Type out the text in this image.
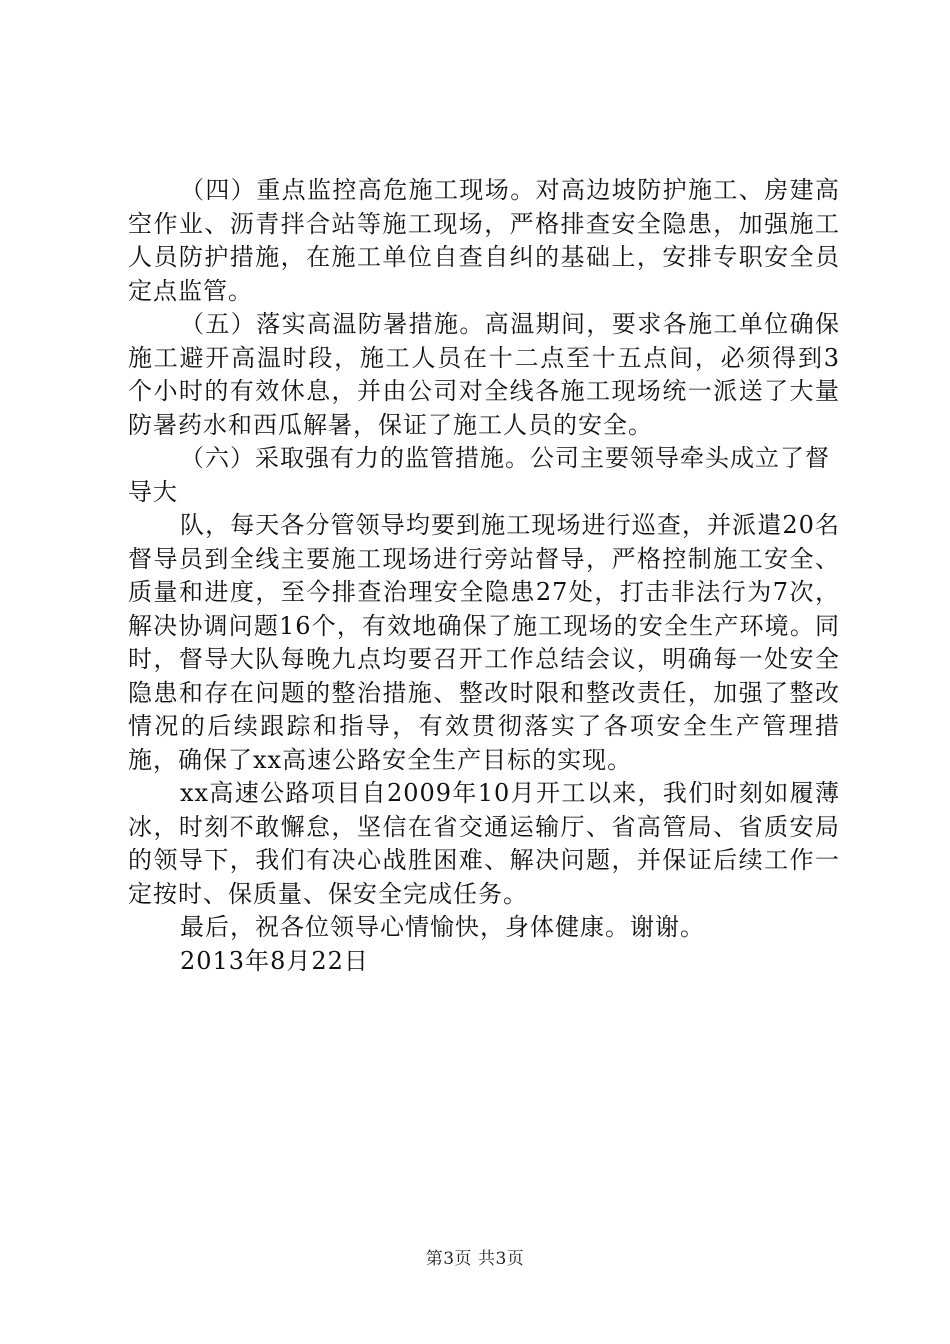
（四）重点监控高危施工现场。对高边坡防护施工、房建高空作业、沥青拌合站等施工现场，严格排查安全隐患，加强施工人员防护措施，在施工单位自查自纠的基础上，安排专职安全员定点监管。

（五）落实高温防暑措施。高温期间，要求各施工单位确保施工避开高温时段，施工人员在十二点至十五点间，必须得到3个小时的有效休息，并由公司对全线各施工现场统一派送了大量防暑药水和西瓜解暑，保证了施工人员的安全。

（六）采取强有力的监管措施。公司主要领导牵头成立了督导大

队，每天各分管领导均要到施工现场进行巡查，并派遣20名督导员到全线主要施工现场进行旁站督导，严格控制施工安全、质量和进度，至今排查治理安全隐患27处，打击非法行为7次，解决协调问题16个，有效地确保了施工现场的安全生产环境。同时，督导大队每晚九点均要召开工作总结会议，明确每一处安全隐患和存在问题的整治措施、整改时限和整改责任，加强了整改情况的后续跟踪和指导，有效贯彻落实了各项安全生产管理措施，确保了xx高速公路安全生产目标的实现。

xx高速公路项目自2009年10月开工以来，我们时刻如履薄冰，时刻不敢懈怠，坚信在省交通运输厅、省高管局、省质安局的领导下，我们有决心战胜困难、解决问题，并保证后续工作一定按时、保质量、保安全完成任务。

最后，祝各位领导心情愉快，身体健康。谢谢。

2013年8月22日

第3页 共3页
